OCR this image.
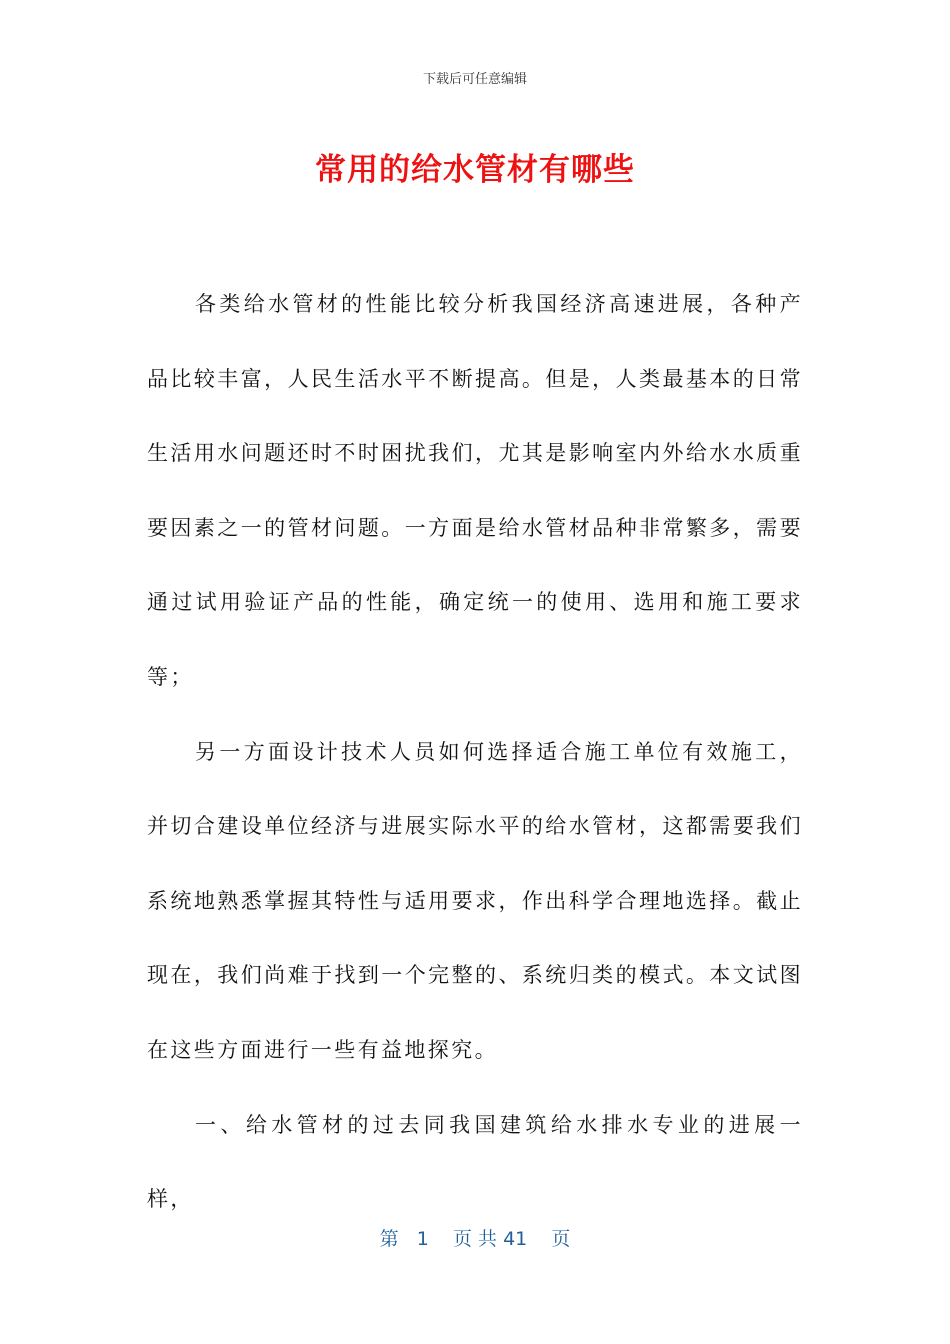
下载后可任意编辑
常用的给水管材有哪些

各类给水管材的性能比较分析我国经济高速进展，各种产品比较丰富，人民生活水平不断提高。但是，人类最基本的日常生活用水问题还时不时困扰我们，尤其是影响室内外给水水质重要因素之一的管材问题。一方面是给水管材品种非常繁多，需要通过试用验证产品的性能，确定统一的使用、选用和施工要求等；

另一方面设计技术人员如何选择适合施工单位有效施工，并切合建设单位经济与进展实际水平的给水管材，这都需要我们系统地熟悉掌握其特性与适用要求，作出科学合理地选择。截止现在，我们尚难于找到一个完整的、系统归类的模式。本文试图在这些方面进行一些有益地探究。

一、给水管材的过去同我国建筑给水排水专业的进展一样，

第 1 页 共 41 页
